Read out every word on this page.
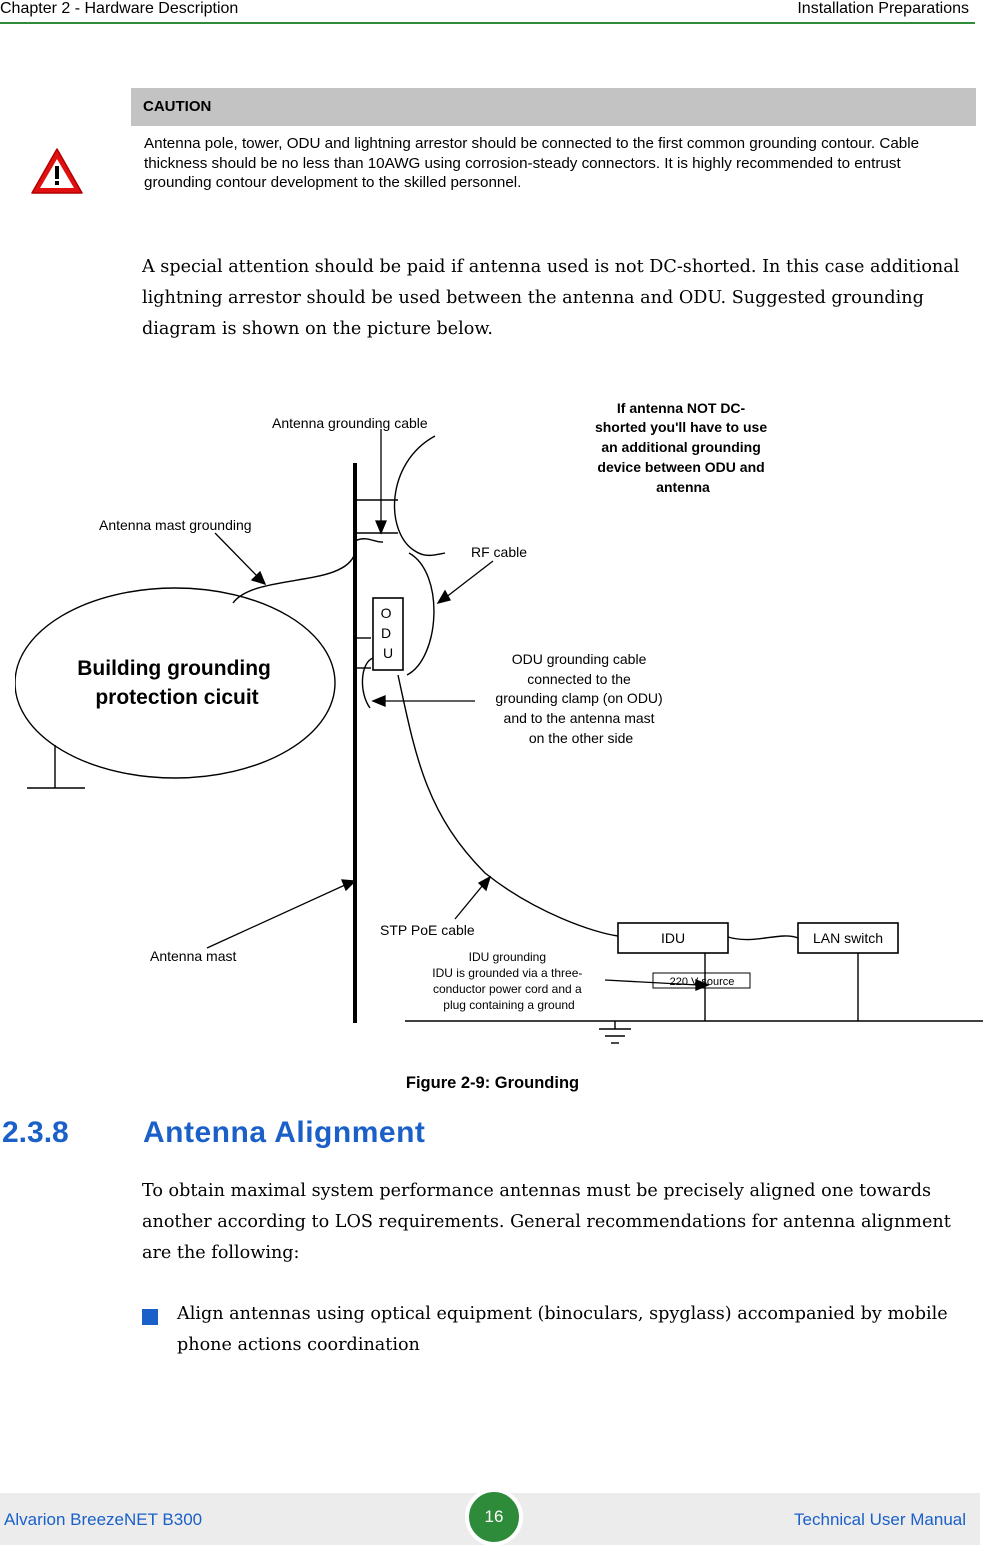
Chapter 2 - Hardware Description	Installation Preparations
CAUTION
Antenna pole, tower, ODU and lightning arrestor should be connected to the first common grounding contour. Cable thickness should be no less than 10AWG using corrosion-steady connectors. It is highly recommended to entrust grounding contour development to the skilled personnel.
A special attention should be paid if antenna used is not DC-shorted. In this case additional lightning arrestor should be used between the antenna and ODU. Suggested grounding diagram is shown on the picture below.
Antenna grounding cable
If antenna NOT DC- shorted you'll have to use an additional grounding device between ODU and antenna
Antenna mast grounding
RF cable
Building grounding protection cicuit
O D U	ODU grounding cable connected to the grounding clamp (on ODU) and to the antenna mast on the other side
STP PoE cable
Antenna mast
IDU	LAN switch
220 V source
IDU grounding IDU is grounded via a three- conductor power cord and a plug containing a ground
Figure 2-9: Grounding
2.3.8 Antenna Alignment
To obtain maximal system performance antennas must be precisely aligned one towards another according to LOS requirements. General recommendations for antenna alignment are the following:
Align antennas using optical equipment (binoculars, spyglass) accompanied by mobile phone actions coordination
Alvarion BreezeNET B300	Technical User Manual
16
